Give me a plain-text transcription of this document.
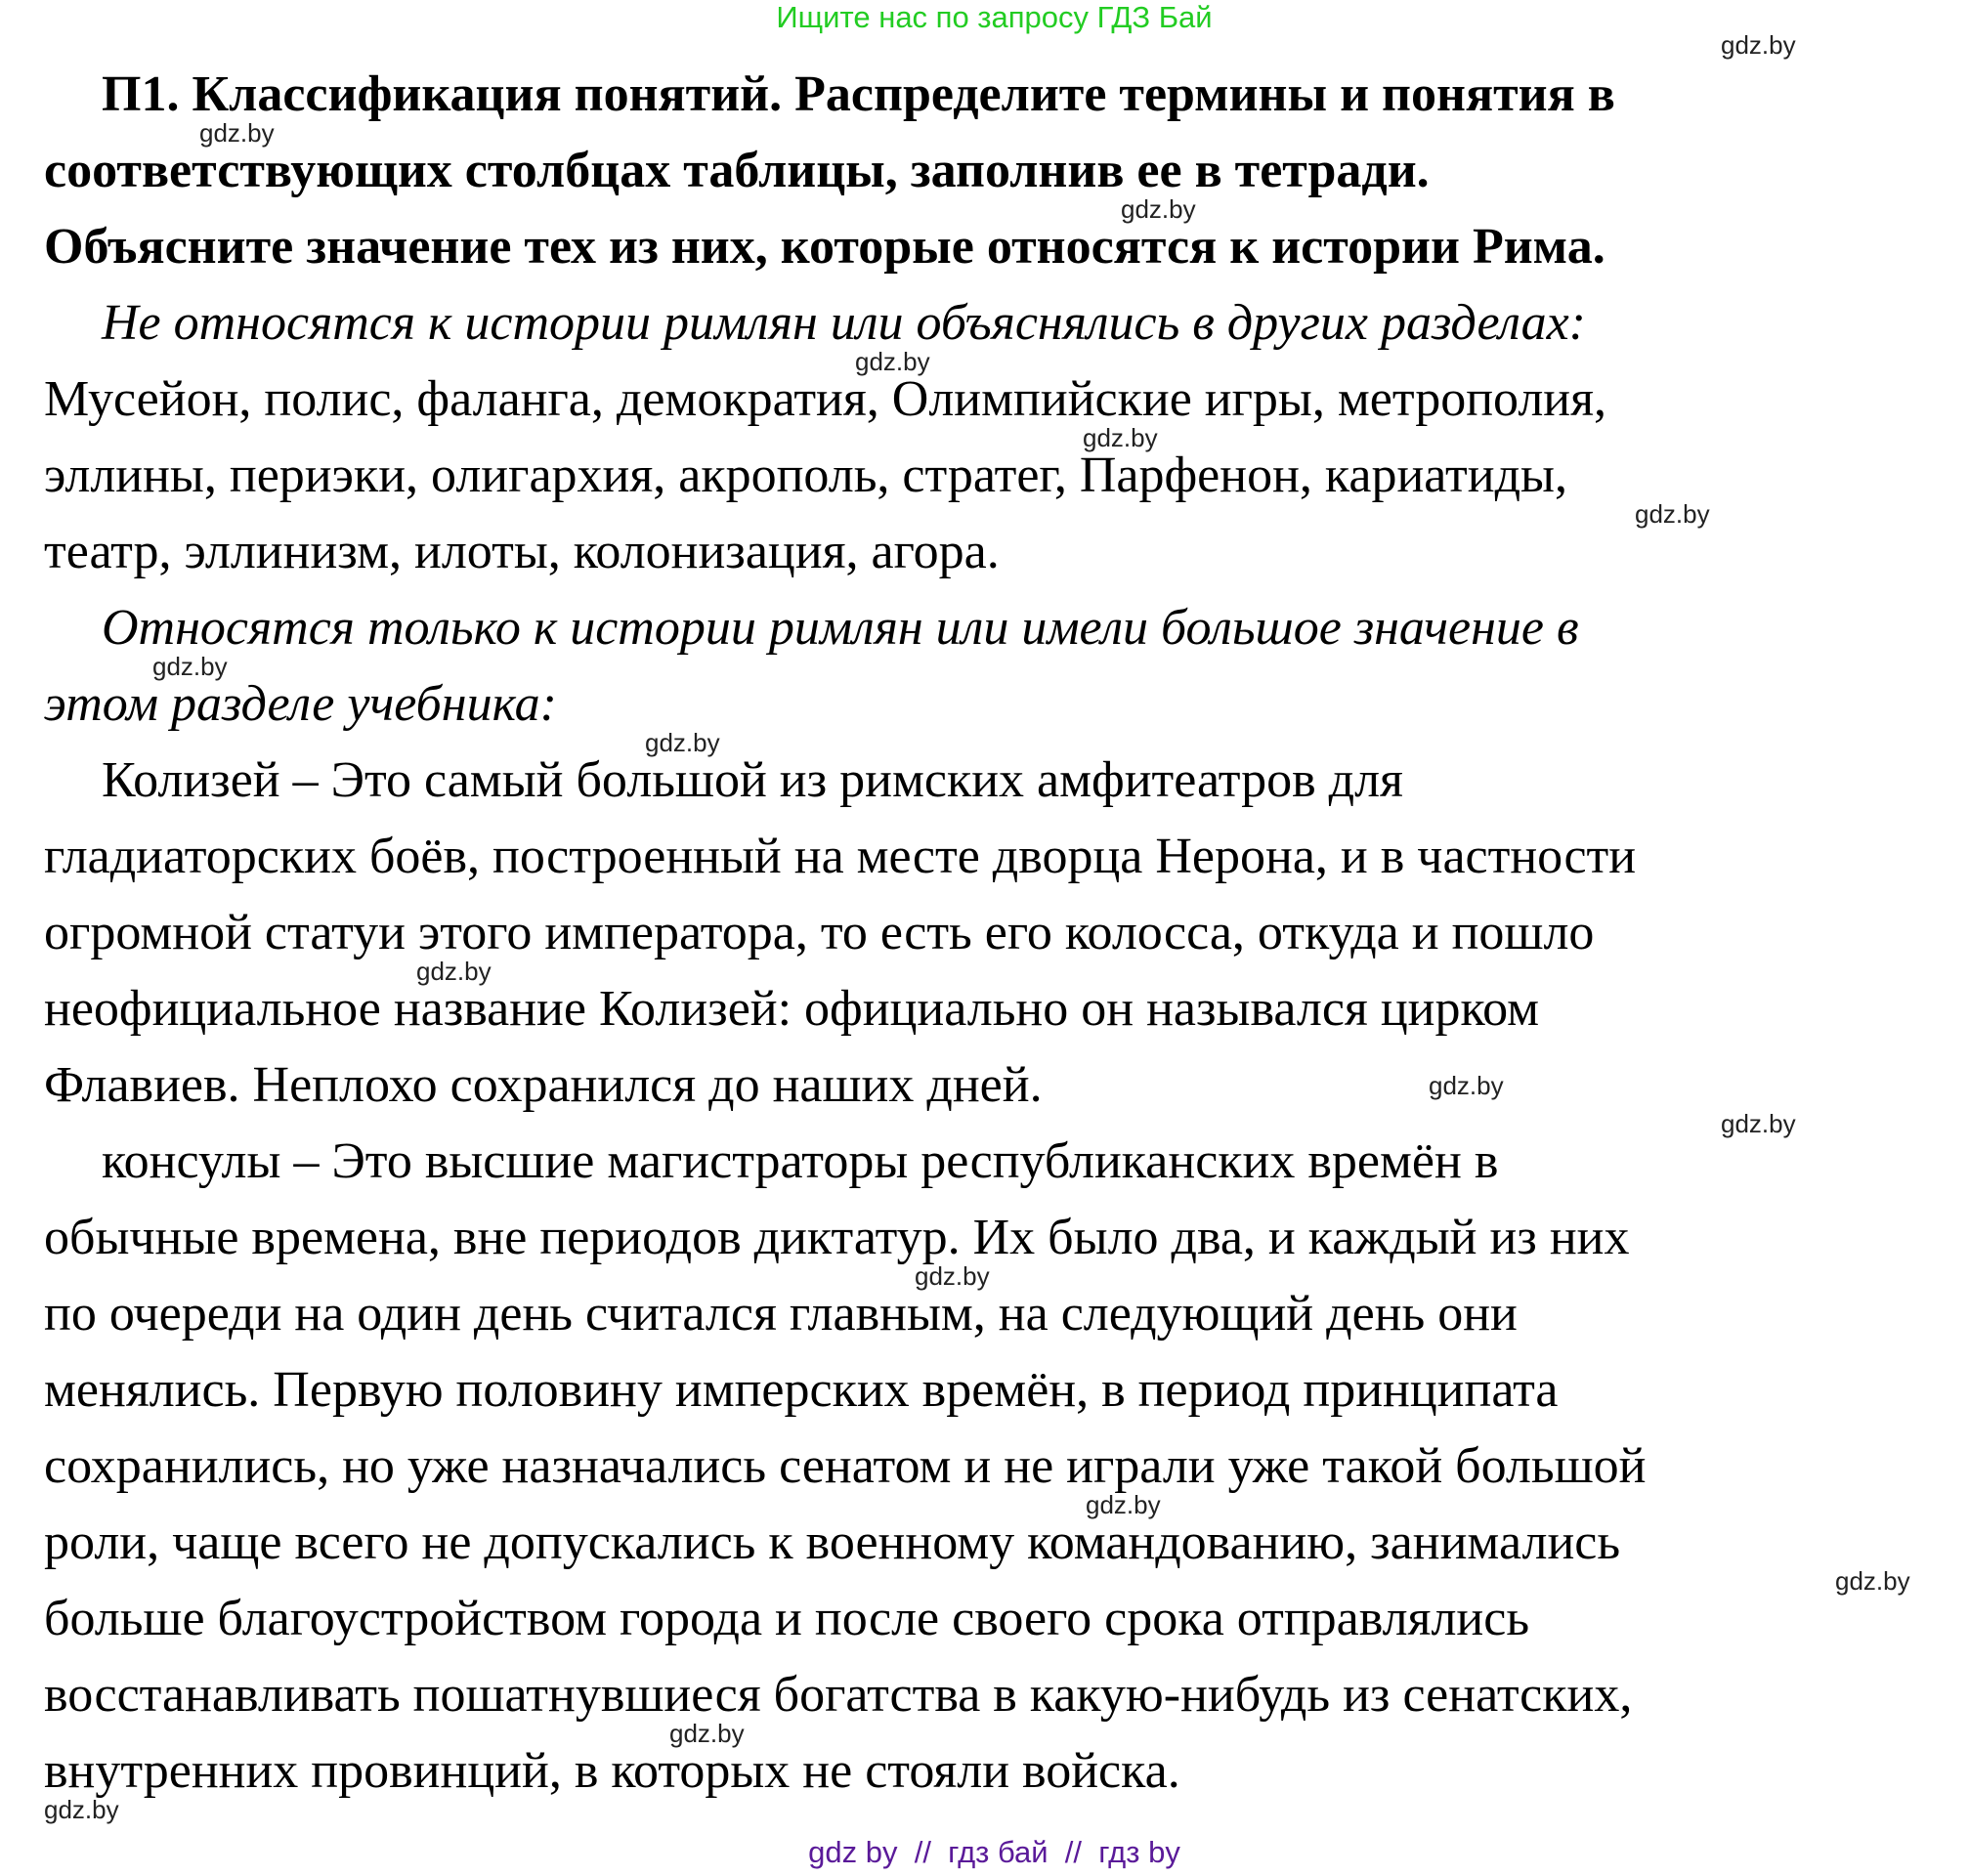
Ищите нас по запросу ГДЗ Бай
П1. Классификация понятий. Распределите термины и понятия в
соответствующих столбцах таблицы, заполнив ее в тетради.
Объясните значение тех из них, которые относятся к истории Рима.
Не относятся к истории римлян или объяснялись в других разделах:
Мусейон, полис, фаланга, демократия, Олимпийские игры, метрополия,
эллины, периэки, олигархия, акрополь, стратег, Парфенон, кариатиды,
театр, эллинизм, илоты, колонизация, агора.
Относятся только к истории римлян или имели большое значение в
этом разделе учебника:
Колизей – Это самый большой из римских амфитеатров для
гладиаторских боёв, построенный на месте дворца Нерона, и в частности
огромной статуи этого императора, то есть его колосса, откуда и пошло
неофициальное название Колизей: официально он назывался цирком
Флавиев. Неплохо сохранился до наших дней.
консулы – Это высшие магистраторы республиканских времён в
обычные времена, вне периодов диктатур. Их было два, и каждый из них
по очереди на один день считался главным, на следующий день они
менялись. Первую половину имперских времён, в период принципата
сохранились, но уже назначались сенатом и не играли уже такой большой
роли, чаще всего не допускались к военному командованию, занимались
больше благоустройством города и после своего срока отправлялись
восстанавливать пошатнувшиеся богатства в какую-нибудь из сенатских,
внутренних провинций, в которых не стояли войска.
gdz.by
gdz.by
gdz.by
gdz.by
gdz.by
gdz.by
gdz.by
gdz.by
gdz.by
gdz.by
gdz.by
gdz.by
gdz.by
gdz.by
gdz.by
gdz.by
gdz by  //  гдз бай  //  гдз by
